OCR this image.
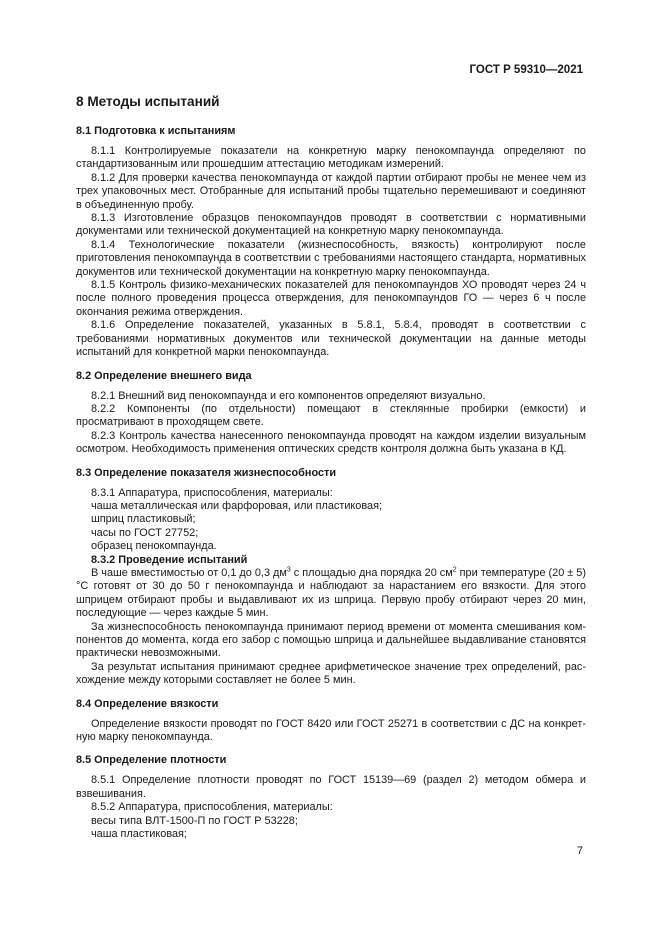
ГОСТ Р 59310—2021
8 Методы испытаний
8.1 Подготовка к испытаниям

8.1.1 Контролируемые показатели на конкретную марку пенокомпаунда определяют по стандартизованным или прошедшим аттестацию методикам измерений.

8.1.2 Для проверки качества пенокомпаунда от каждой партии отбирают пробы не менее чем из трех упаковочных мест. Отобранные для испытаний пробы тщательно перемешивают и соединяют в объединенную пробу.

8.1.3 Изготовление образцов пенокомпаундов проводят в соответствии с нормативными документами или технической документацией на конкретную марку пенокомпаунда.

8.1.4 Технологические показатели (жизнеспособность, вязкость) контролируют после приготовления пенокомпаунда в соответствии с требованиями настоящего стандарта, нормативных документов или технической документации на конкретную марку пенокомпаунда.

8.1.5 Контроль физико-механических показателей для пенокомпаундов ХО проводят через 24 ч после полного проведения процесса отверждения, для пенокомпаундов ГО — через 6 ч после окончания режима отверждения.

8.1.6 Определение показателей, указанных в 5.8.1, 5.8.4, проводят в соответствии с требованиями нормативных документов или технической документации на данные методы испытаний для конкретной марки пенокомпаунда.

8.2 Определение внешнего вида

8.2.1 Внешний вид пенокомпаунда и его компонентов определяют визуально.

8.2.2 Компоненты (по отдельности) помещают в стеклянные пробирки (емкости) и просматривают в проходящем свете.

8.2.3 Контроль качества нанесенного пенокомпаунда проводят на каждом изделии визуальным осмотром. Необходимость применения оптических средств контроля должна быть указана в КД.

8.3 Определение показателя жизнеспособности

8.3.1 Аппаратура, приспособления, материалы:

чаша металлическая или фарфоровая, или пластиковая;

шприц пластиковый;

часы по ГОСТ 27752;

образец пенокомпаунда.

8.3.2 Проведение испытаний

В чаше вместимостью от 0,1 до 0,3 $дм^3$ с площадью дна порядка 20 $см^2$ при температуре (20 ± 5) °С готовят от 30 до 50 г пенокомпаунда и наблюдают за нарастанием его вязкости. Для этого шприцем отбирают пробы и выдавливают их из шприца. Первую пробу отбирают через 20 мин, последующие — через каждые 5 мин.

За жизнеспособность пенокомпаунда принимают период времени от момента смешивания компонентов до момента, когда его забор с помощью шприца и дальнейшее выдавливание становятся практически невозможными.

За результат испытания принимают среднее арифметическое значение трех определений, расхождение между которыми составляет не более 5 мин.

8.4 Определение вязкости

Определение вязкости проводят по ГОСТ 8420 или ГОСТ 25271 в соответствии с ДС на конкретную марку пенокомпаунда.

8.5 Определение плотности

8.5.1 Определение плотности проводят по ГОСТ 15139—69 (раздел 2) методом обмера и взвешивания.

8.5.2 Аппаратура, приспособления, материалы:

весы типа ВЛТ-1500-П по ГОСТ Р 53228;

чаша пластиковая;

7
